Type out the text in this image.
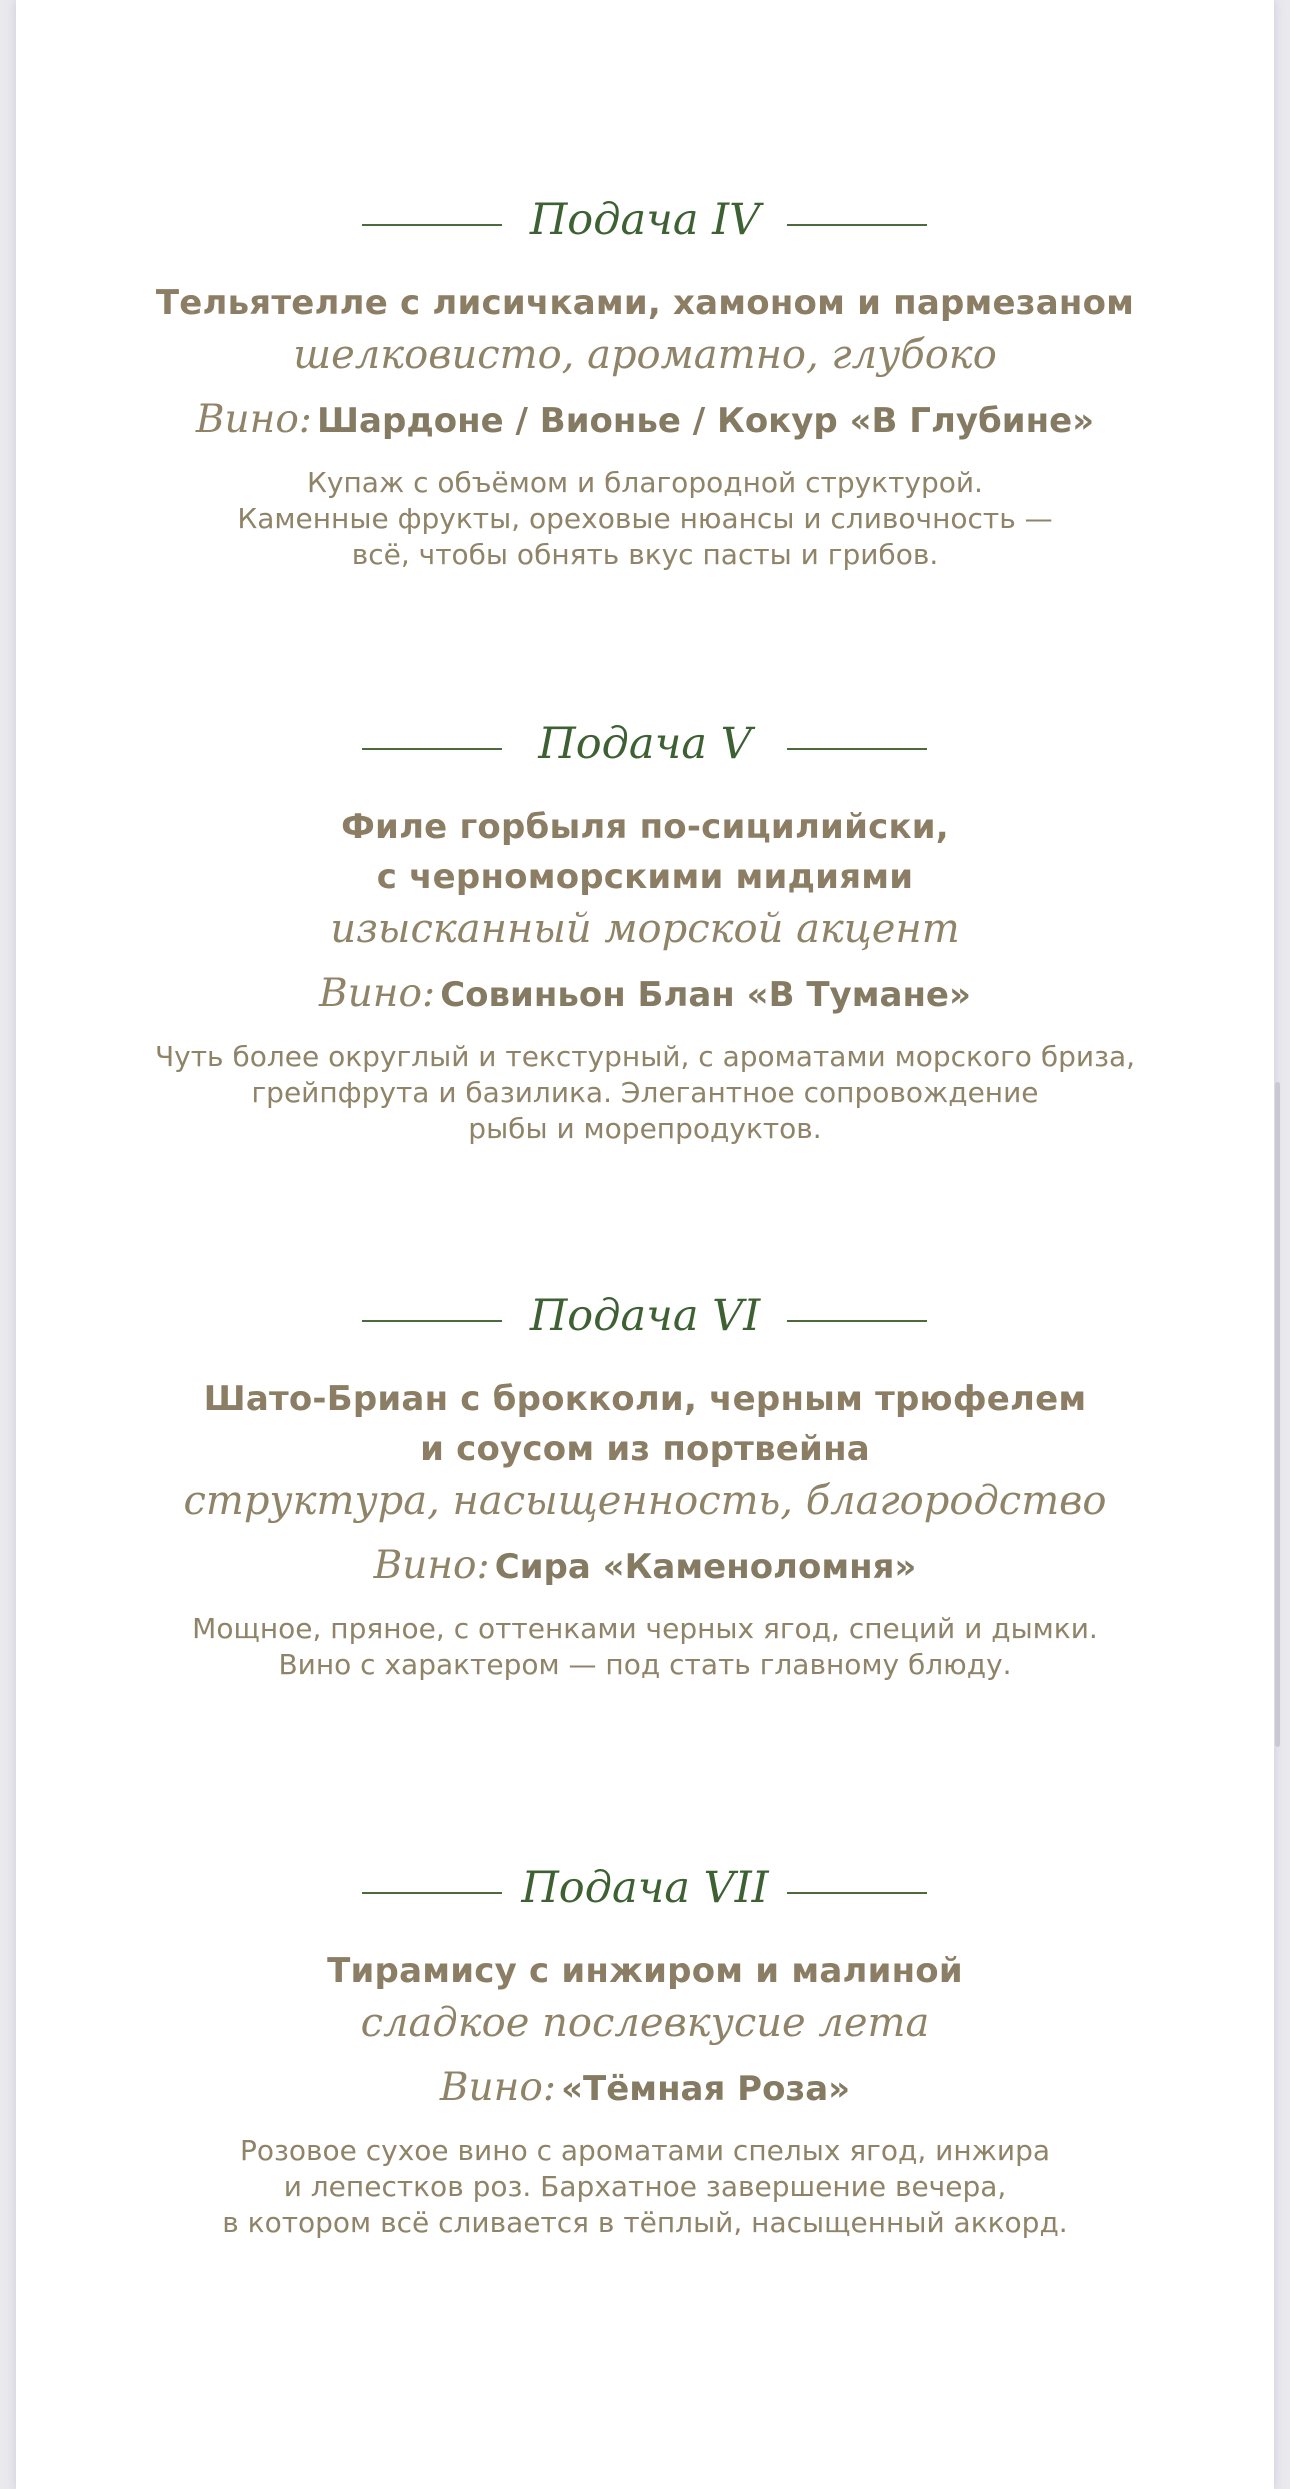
Подача IV
Тельятелле с лисичками, хамоном и пармезаном
шелковисто, ароматно, глубоко
Вино: Шардоне / Вионье / Кокур «В Глубине»
Купаж с объёмом и благородной структурой.
Каменные фрукты, ореховые нюансы и сливочность —
всё, чтобы обнять вкус пасты и грибов.
Подача V
Филе горбыля по-сицилийски,
с черноморскими мидиями
изысканный морской акцент
Вино: Совиньон Блан «В Тумане»
Чуть более округлый и текстурный, с ароматами морского бриза,
грейпфрута и базилика. Элегантное сопровождение
рыбы и морепродуктов.
Подача VI
Шато-Бриан с брокколи, черным трюфелем
и соусом из портвейна
структура, насыщенность, благородство
Вино: Сира «Каменоломня»
Мощное, пряное, с оттенками черных ягод, специй и дымки.
Вино с характером — под стать главному блюду.
Подача VII
Тирамису с инжиром и малиной
сладкое послевкусие лета
Вино: «Тёмная Роза»
Розовое сухое вино с ароматами спелых ягод, инжира
и лепестков роз. Бархатное завершение вечера,
в котором всё сливается в тёплый, насыщенный аккорд.
